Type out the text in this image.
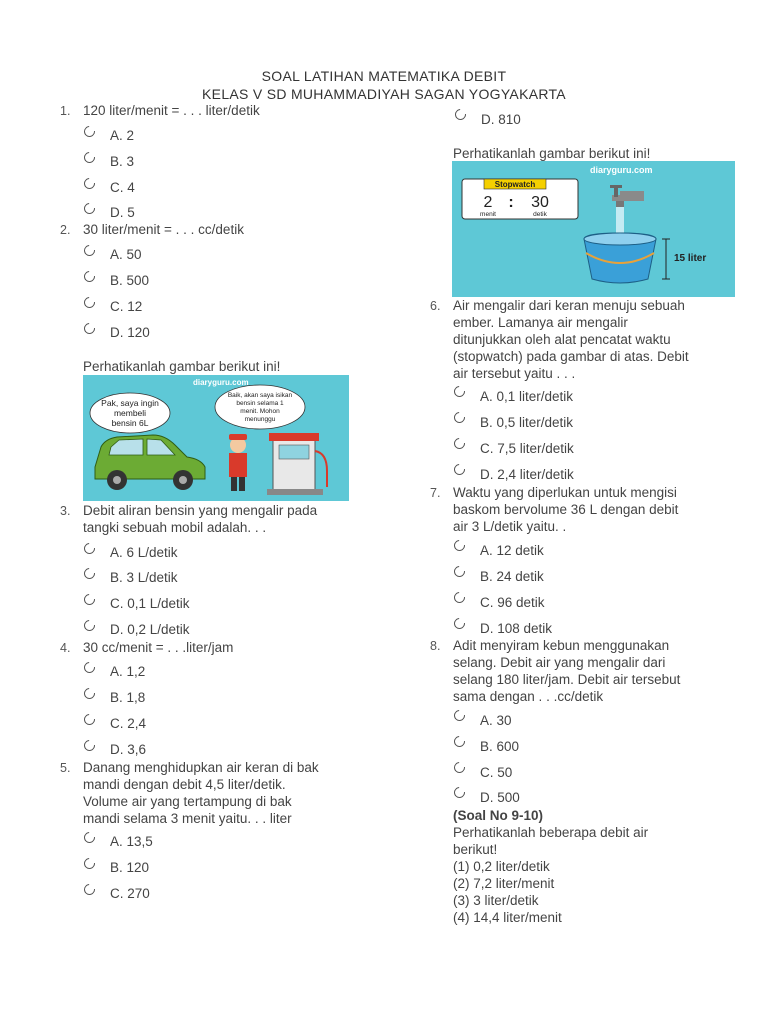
SOAL LATIHAN MATEMATIKA DEBIT
KELAS V SD MUHAMMADIYAH SAGAN YOGYAKARTA
1. 120 liter/menit = . . . liter/detik
A. 2
B. 3
C. 4
D. 5
2. 30 liter/menit = . . . cc/detik
A. 50
B. 500
C. 12
D. 120
Perhatikanlah gambar berikut ini!
diaryguru.com
Pak, saya ingin
membeli
bensin 6L
Baik, akan saya isikan
bensin selama 1
menit. Mohon
menunggu
3. Debit aliran bensin yang mengalir pada
tangki sebuah mobil adalah. . .
A. 6 L/detik
B. 3 L/detik
C. 0,1 L/detik
D. 0,2 L/detik
4. 30 cc/menit = . . .liter/jam
A. 1,2
B. 1,8
C. 2,4
D. 3,6
5. Danang menghidupkan air keran di bak
mandi dengan debit 4,5 liter/detik.
Volume air yang tertampung di bak
mandi selama 3 menit yaitu. . . liter
A. 13,5
B. 120
C. 270
D. 810
Perhatikanlah gambar berikut ini!
diaryguru.com
Stopwatch
2 : 30
menit	detik
15 liter
6. Air mengalir dari keran menuju sebuah
ember. Lamanya air mengalir
ditunjukkan oleh alat pencatat waktu
(stopwatch) pada gambar di atas. Debit
air tersebut yaitu . . .
A. 0,1 liter/detik
B. 0,5 liter/detik
C. 7,5 liter/detik
D. 2,4 liter/detik
7. Waktu yang diperlukan untuk mengisi
baskom bervolume 36 L dengan debit
air 3 L/detik yaitu. .
A. 12 detik
B. 24 detik
C. 96 detik
D. 108 detik
8. Adit menyiram kebun menggunakan
selang. Debit air yang mengalir dari
selang 180 liter/jam. Debit air tersebut
sama dengan . . .cc/detik
A. 30
B. 600
C. 50
D. 500
(Soal No 9-10)
Perhatikanlah beberapa debit air
berikut!
(1) 0,2 liter/detik
(2) 7,2 liter/menit
(3) 3 liter/detik
(4) 14,4 liter/menit
